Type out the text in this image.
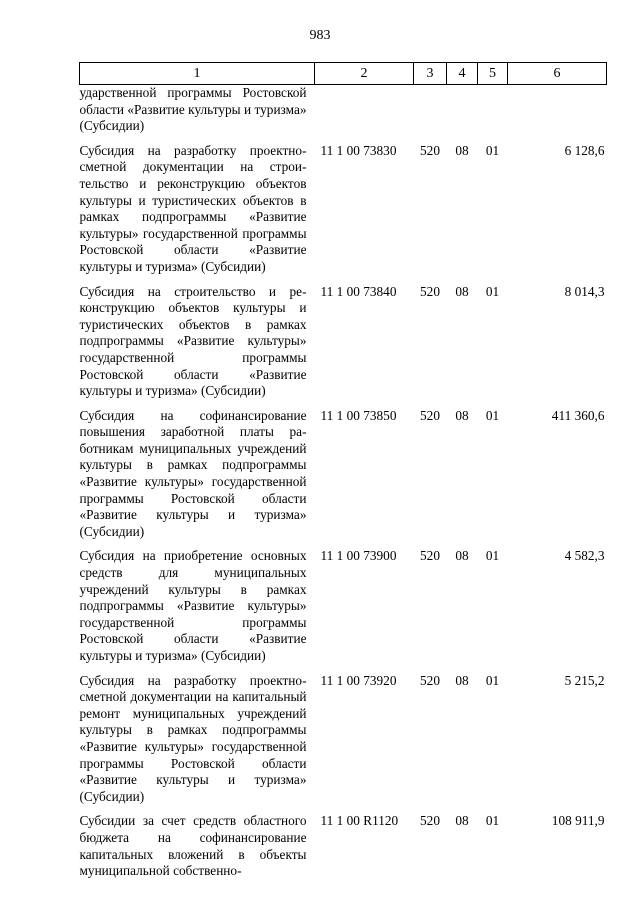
983
1	2	3	4	5	6
ударственной программы Ростовской области «Развитие культуры и туризма» (Субсидии)					
Субсидия на разработку проектно-сметной документации на строительство и реконструкцию объектов культуры и туристических объектов в рамках подпрограммы «Развитие культуры» государственной программы Ростовской области «Развитие культуры и туризма» (Субсидии)	11 1 00 73830	520	08	01	6 128,6
Субсидия на строительство и реконструкцию объектов культуры и туристических объектов в рамках подпрограммы «Развитие культуры» государственной программы Ростовской области «Развитие культуры и туризма» (Субсидии)	11 1 00 73840	520	08	01	8 014,3
Субсидия на софинансирование повышения заработной платы работникам муниципальных учреждений культуры в рамках подпрограммы «Развитие культуры» государственной программы Ростовской области «Развитие культуры и туризма» (Субсидии)	11 1 00 73850	520	08	01	411 360,6
Субсидия на приобретение основных средств для муниципальных учреждений культуры в рамках подпрограммы «Развитие культуры» государственной программы Ростовской области «Развитие культуры и туризма» (Субсидии)	11 1 00 73900	520	08	01	4 582,3
Субсидия на разработку проектно-сметной документации на капитальный ремонт муниципальных учреждений культуры в рамках подпрограммы «Развитие культуры» государственной программы Ростовской области «Развитие культуры и туризма» (Субсидии)	11 1 00 73920	520	08	01	5 215,2
Субсидии за счет средств областного бюджета на софинансирование капитальных вложений в объекты муниципальной собственно-	11 1 00 R1120	520	08	01	108 911,9
